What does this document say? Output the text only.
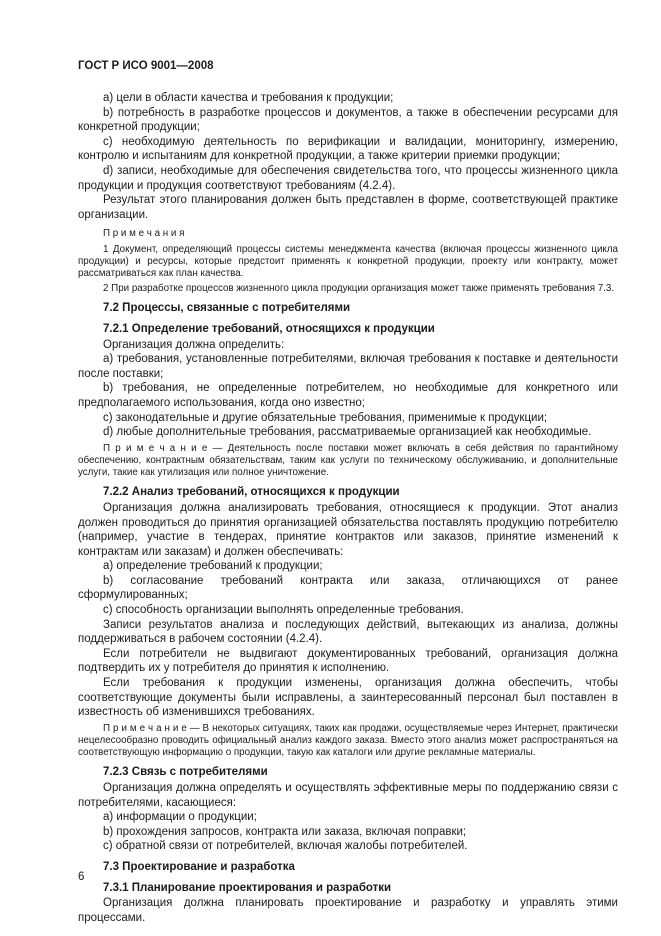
ГОСТ Р ИСО 9001—2008

a) цели в области качества и требования к продукции;

b) потребность в разработке процессов и документов, а также в обеспечении ресурсами для конкретной продукции;

c) необходимую деятельность по верификации и валидации, мониторингу, измерению, контролю и испытаниям для конкретной продукции, а также критерии приемки продукции;

d) записи, необходимые для обеспечения свидетельства того, что процессы жизненного цикла продукции и продукция соответствуют требованиям (4.2.4).

Результат этого планирования должен быть представлен в форме, соответствующей практике организации.

П р и м е ч а н и я

1 Документ, определяющий процессы системы менеджмента качества (включая процессы жизненного цикла продукции) и ресурсы, которые предстоит применять к конкретной продукции, проекту или контракту, может рассматриваться как план качества.

2 При разработке процессов жизненного цикла продукции организация может также применять требования 7.3.

7.2 Процессы, связанные с потребителями

7.2.1 Определение требований, относящихся к продукции

Организация должна определить:

a) требования, установленные потребителями, включая требования к поставке и деятельности после поставки;

b) требования, не определенные потребителем, но необходимые для конкретного или предполагаемого использования, когда оно известно;

c) законодательные и другие обязательные требования, применимые к продукции;

d) любые дополнительные требования, рассматриваемые организацией как необходимые.

П р и м е ч а н и е — Деятельность после поставки может включать в себя действия по гарантийному обеспечению, контрактным обязательствам, таким как услуги по техническому обслуживанию, и дополнительные услуги, такие как утилизация или полное уничтожение.

7.2.2 Анализ требований, относящихся к продукции

Организация должна анализировать требования, относящиеся к продукции. Этот анализ должен проводиться до принятия организацией обязательства поставлять продукцию потребителю (например, участие в тендерах, принятие контрактов или заказов, принятие изменений к контрактам или заказам) и должен обеспечивать:

a) определение требований к продукции;

b) согласование требований контракта или заказа, отличающихся от ранее сформулированных;

c) способность организации выполнять определенные требования.

Записи результатов анализа и последующих действий, вытекающих из анализа, должны поддерживаться в рабочем состоянии (4.2.4).

Если потребители не выдвигают документированных требований, организация должна подтвердить их у потребителя до принятия к исполнению.

Если требования к продукции изменены, организация должна обеспечить, чтобы соответствующие документы были исправлены, а заинтересованный персонал был поставлен в известность об изменившихся требованиях.

П р и м е ч а н и е — В некоторых ситуациях, таких как продажи, осуществляемые через Интернет, практически нецелесообразно проводить официальный анализ каждого заказа. Вместо этого анализ может распространяться на соответствующую информацию о продукции, такую как каталоги или другие рекламные материалы.

7.2.3 Связь с потребителями

Организация должна определять и осуществлять эффективные меры по поддержанию связи с потребителями, касающиеся:

a) информации о продукции;

b) прохождения запросов, контракта или заказа, включая поправки;

c) обратной связи от потребителей, включая жалобы потребителей.

7.3 Проектирование и разработка

7.3.1 Планирование проектирования и разработки

Организация должна планировать проектирование и разработку и управлять этими процессами.

6
